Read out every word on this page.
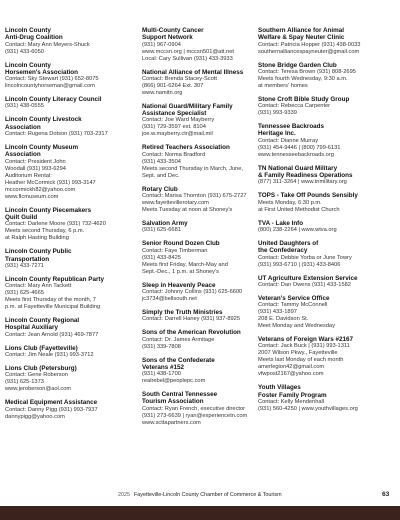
Lincoln County
Anti-Drug Coalition
Contact: Mary Ann Meyers-Shuck
(931) 433-6050
Lincoln County
Horsemen's Association
Contact: Sky Stewart (931) 652-8075
lincolncountyhorseman@gmail.com
Lincoln County Literacy Council
(931) 438-0555
Lincoln County Livestock
Association
Contact: Rugena Dotson (931) 703-2317
Lincoln County Museum
Association
Contact: President John
Woodall (931) 993-6294
Auditorium Rental:
Heather McCormick (931) 993-3147
mccormickh82@yahoo.com
www.flcmuseum.com
Lincoln County Piecemakers
Quilt Guild
Contact: Darlene Moore (931) 732-4620
Meets second Thursday, 6 p.m.
at Ralph Hasting Building
Lincoln County Public
Transportation
(931) 433-7271
Lincoln County Republican Party
Contact: Mary Ann Tackett
(931) 625-4665
Meets first Thursday of the month, 7
p.m. at Fayetteville Municipal Building
Lincoln County Regional
Hospital Auxiliary
Contact: Jean Arnold (931) 469-7877
Lions Club (Fayetteville)
Contact: Jim Neale (931) 993-3712
Lions Club (Petersburg)
Contact: Gene Roberson
(931) 625-1373
www.jeroberson@aol.com
Medical Equipment Assistance
Contact: Danny Pigg (931) 993-7937
dannypigg@yahoo.com
Multi-County Cancer
Support Network
(931) 967-0904
www.mccsn.org | mccsn501@att.net
Local: Cary Sullivan (931) 433-3933
National Alliance of Mental Illness
Contact: Brenda Stacey-Scott
(866) 901-6264 Ext. 307
www.namitn.org
National Guard/Military Family
Assistance Specialist
Contact: Joe Ward Mayberry
(931) 729-3597 ext. 8104
joe.w.mayberry.ctr@mail.mil
Retired Teachers Association
Contact: Norma Bradford
(931) 433-3504
Meets second Thursday in March, June,
Sept. and Dec.
Rotary Club
Contact: Marisa Thornton (931) 675-2727
www.fayettevillerotary.com
Meets Tuesday at noon at Shoney's
Salvation Army
(931) 625-6681
Senior Round Dozen Club
Contact: Faye Timberman
(931) 433-8425
Meets first Friday, March-May and
Sept.-Dec., 1 p.m. at Shoney's
Sleep in Heavenly Peace
Contact: Johnny Collins (931) 625-6600
jc3734@bellsouth.net
Simply the Truth Ministries
Contact: Darrell Haney (931) 937-8925
Sons of the American Revolution
Contact: Dr. James Armitage
(931) 339-7808
Sons of the Confederate
Veterans #152
(931) 438-1700
realrebel@peoplepc.com
South Central Tennessee
Tourism Association
Contact: Ryan French, executive director
(931) 273-6639 | ryan@experiencetn.com
www.scttapartners.com
Southern Alliance for Animal
Welfare & Spay Neuter Clinic
Contact: Patricia Hopper (931) 438-0033
southernalliancespayneuter@gmail.com
Stone Bridge Garden Club
Contact: Teresa Brown (931) 808-2695
Meets fourth Wednesday, 9:30 a.m.
at members' homes
Stone Croft Bible Study Group
Contact: Rebecca Carpenter
(931) 993-9339
Tennessee Backroads
Heritage Inc.
Contact: Dianne Murray
(931) 454-9446 | (800) 799-6131
www.tennesseebackroads.org
TN National Guard Military
& Family Readiness Operations
(877) 311-3264 | www.tnmilitary.org
TOPS - Take Off Pounds Sensibly
Meets Monday, 6:30 p.m.
at First United Methodist Church
TVA - Lake Info
(800) 238-2264 | www.wtva.org
United Daughters of
the Confederacy
Contact: Debbie Yorba or June Towry
(931) 993-6710 | (931) 433-8406
UT Agriculture Extension Service
Contact: Dan Owens (931) 433-1582
Veteran's Service Office
Contact: Tammy McConnell
(931) 433-1897
208 E. Davidson St.
Meet Monday and Wednesday
Veterans of Foreign Wars #2167
Contact: Jack Buck | (931) 993-1311
2007 Wilson Pkwy., Fayetteville
Meets last Monday of each month
amerlegion42@gmail.com
vfwpost2167@yahoo.com
Youth Villages
Foster Family Program
Contact: Kelly Mendenhall
(931) 560-4250 | www.youthvillages.org
2025 Fayetteville-Lincoln County Chamber of Commerce & Tourism	63
